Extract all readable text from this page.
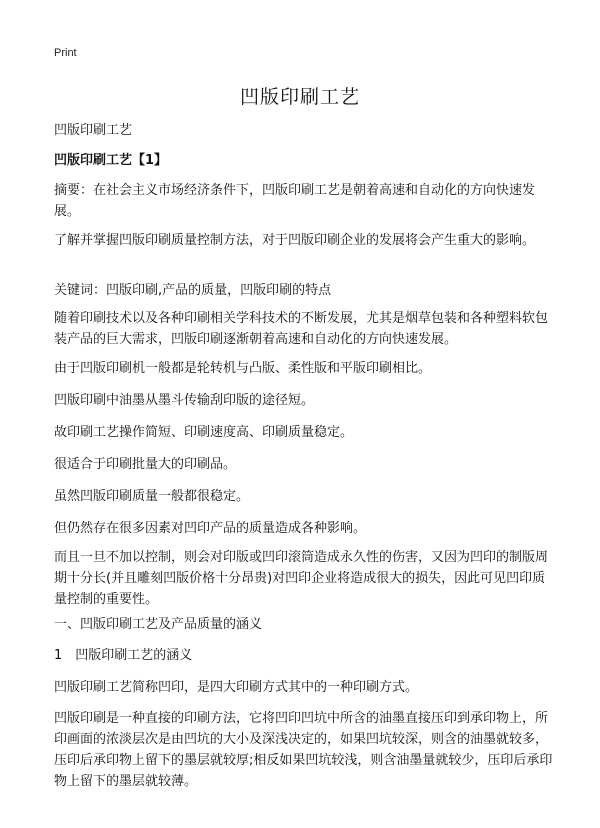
Print
凹版印刷工艺
凹版印刷工艺
凹版印刷工艺【1】
摘要：在社会主义市场经济条件下，凹版印刷工艺是朝着高速和自动化的方向快速发展。
了解并掌握凹版印刷质量控制方法，对于凹版印刷企业的发展将会产生重大的影响。
关键词：凹版印刷,产品的质量，凹版印刷的特点
随着印刷技术以及各种印刷相关学科技术的不断发展，尤其是烟草包装和各种塑料软包装产品的巨大需求，凹版印刷逐渐朝着高速和自动化的方向快速发展。
由于凹版印刷机一般都是轮转机与凸版、柔性版和平版印刷相比。
凹版印刷中油墨从墨斗传输刮印版的途径短。
故印刷工艺操作简短、印刷速度高、印刷质量稳定。
很适合于印刷批量大的印刷品。
虽然凹版印刷质量一般都很稳定。
但仍然存在很多因素对凹印产品的质量造成各种影响。
而且一旦不加以控制，则会对印版或凹印滚筒造成永久性的伤害，又因为凹印的制版周期十分长(并且雕刻凹版价格十分昂贵)对凹印企业将造成很大的损失，因此可见凹印质量控制的重要性。
一、凹版印刷工艺及产品质量的涵义
1　凹版印刷工艺的涵义
凹版印刷工艺简称凹印，是四大印刷方式其中的一种印刷方式。
凹版印刷是一种直接的印刷方法，它将凹印凹坑中所含的油墨直接压印到承印物上，所印画面的浓淡层次是由凹坑的大小及深浅决定的，如果凹坑较深，则含的油墨就较多，压印后承印物上留下的墨层就较厚;相反如果凹坑较浅，则含油墨量就较少，压印后承印物上留下的墨层就较薄。
